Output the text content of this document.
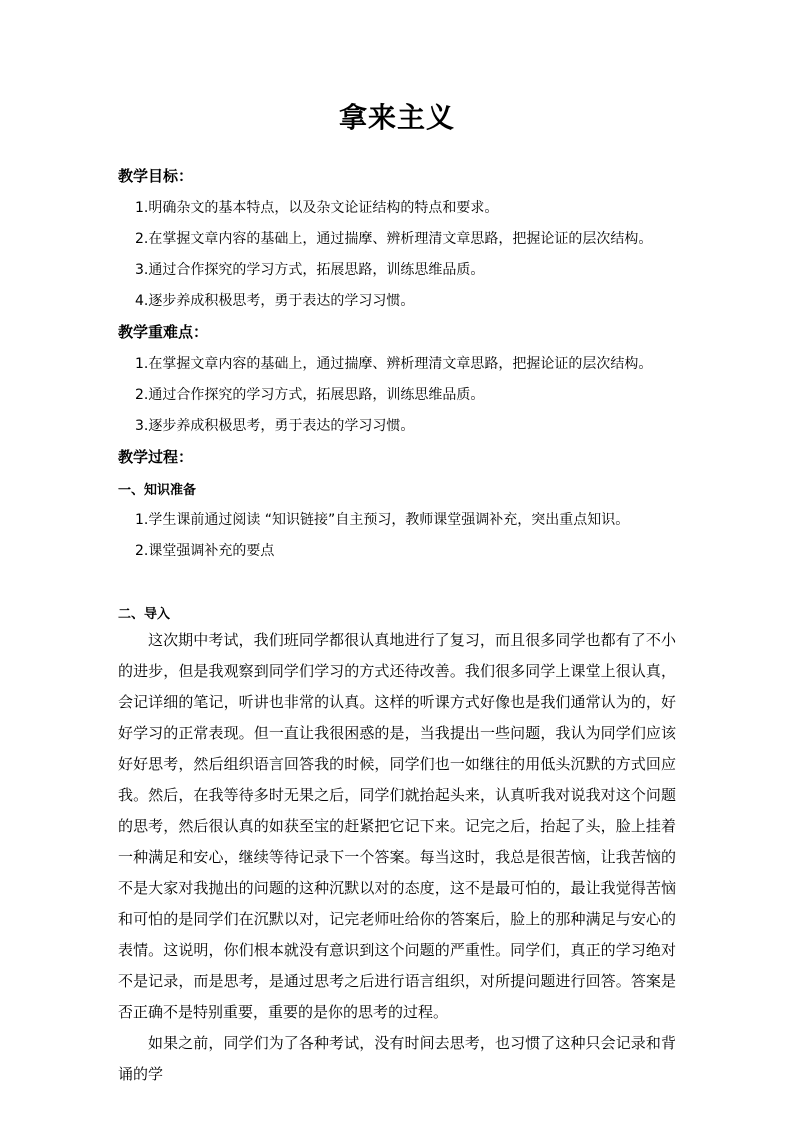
拿来主义
教学目标：
1.明确杂文的基本特点，以及杂文论证结构的特点和要求。
2.在掌握文章内容的基础上，通过揣摩、辨析理清文章思路，把握论证的层次结构。
3.通过合作探究的学习方式，拓展思路，训练思维品质。
4.逐步养成积极思考，勇于表达的学习习惯。
教学重难点：
1.在掌握文章内容的基础上，通过揣摩、辨析理清文章思路，把握论证的层次结构。
2.通过合作探究的学习方式，拓展思路，训练思维品质。
3.逐步养成积极思考，勇于表达的学习习惯。
教学过程：
一、知识准备
1.学生课前通过阅读 “知识链接”自主预习，教师课堂强调补充，突出重点知识。
2.课堂强调补充的要点
二、导入

这次期中考试，我们班同学都很认真地进行了复习，而且很多同学也都有了不小的进步，但是我观察到同学们学习的方式还待改善。我们很多同学上课堂上很认真，会记详细的笔记，听讲也非常的认真。这样的听课方式好像也是我们通常认为的，好好学习的正常表现。但一直让我很困惑的是，当我提出一些问题，我认为同学们应该好好思考，然后组织语言回答我的时候，同学们也一如继往的用低头沉默的方式回应我。然后，在我等待多时无果之后，同学们就抬起头来，认真听我对说我对这个问题的思考，然后很认真的如获至宝的赶紧把它记下来。记完之后，抬起了头，脸上挂着一种满足和安心，继续等待记录下一个答案。每当这时，我总是很苦恼，让我苦恼的不是大家对我抛出的问题的这种沉默以对的态度，这不是最可怕的，最让我觉得苦恼和可怕的是同学们在沉默以对，记完老师吐给你的答案后，脸上的那种满足与安心的表情。这说明，你们根本就没有意识到这个问题的严重性。同学们，真正的学习绝对不是记录，而是思考，是通过思考之后进行语言组织，对所提问题进行回答。答案是否正确不是特别重要，重要的是你的思考的过程。

如果之前，同学们为了各种考试，没有时间去思考，也习惯了这种只会记录和背诵的学
